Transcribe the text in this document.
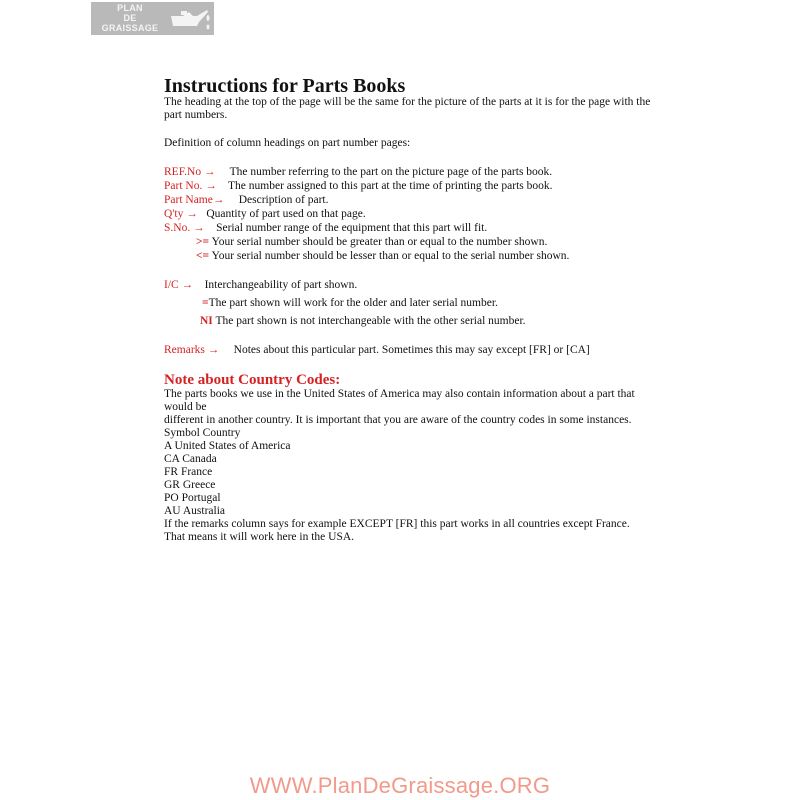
PLAN
DE
GRAISSAGE
Instructions for Parts Books

The heading at the top of the page will be the same for the picture of the parts at it is for the page with the part numbers.

Definition of column headings on part number pages:

REF.No → The number referring to the part on the picture page of the parts book.
Part No. → The number assigned to this part at the time of printing the parts book.
Part Name→ Description of part.
Q'ty → Quantity of part used on that page.
S.No. → Serial number range of the equipment that this part will fit.
>= Your serial number should be greater than or equal to the number shown.
<= Your serial number should be lesser than or equal to the serial number shown.
I/C → Interchangeability of part shown.
=The part shown will work for the older and later serial number.
NI The part shown is not interchangeable with the other serial number.
Remarks → Notes about this particular part. Sometimes this may say except [FR] or [CA]
Note about Country Codes:

The parts books we use in the United States of America may also contain information about a part that would be

different in another country. It is important that you are aware of the country codes in some instances.

Symbol Country

A United States of America

CA Canada

FR France

GR Greece

PO Portugal

AU Australia

If the remarks column says for example EXCEPT [FR] this part works in all countries except France.

That means it will work here in the USA.

WWW.PlanDeGraissage.ORG
